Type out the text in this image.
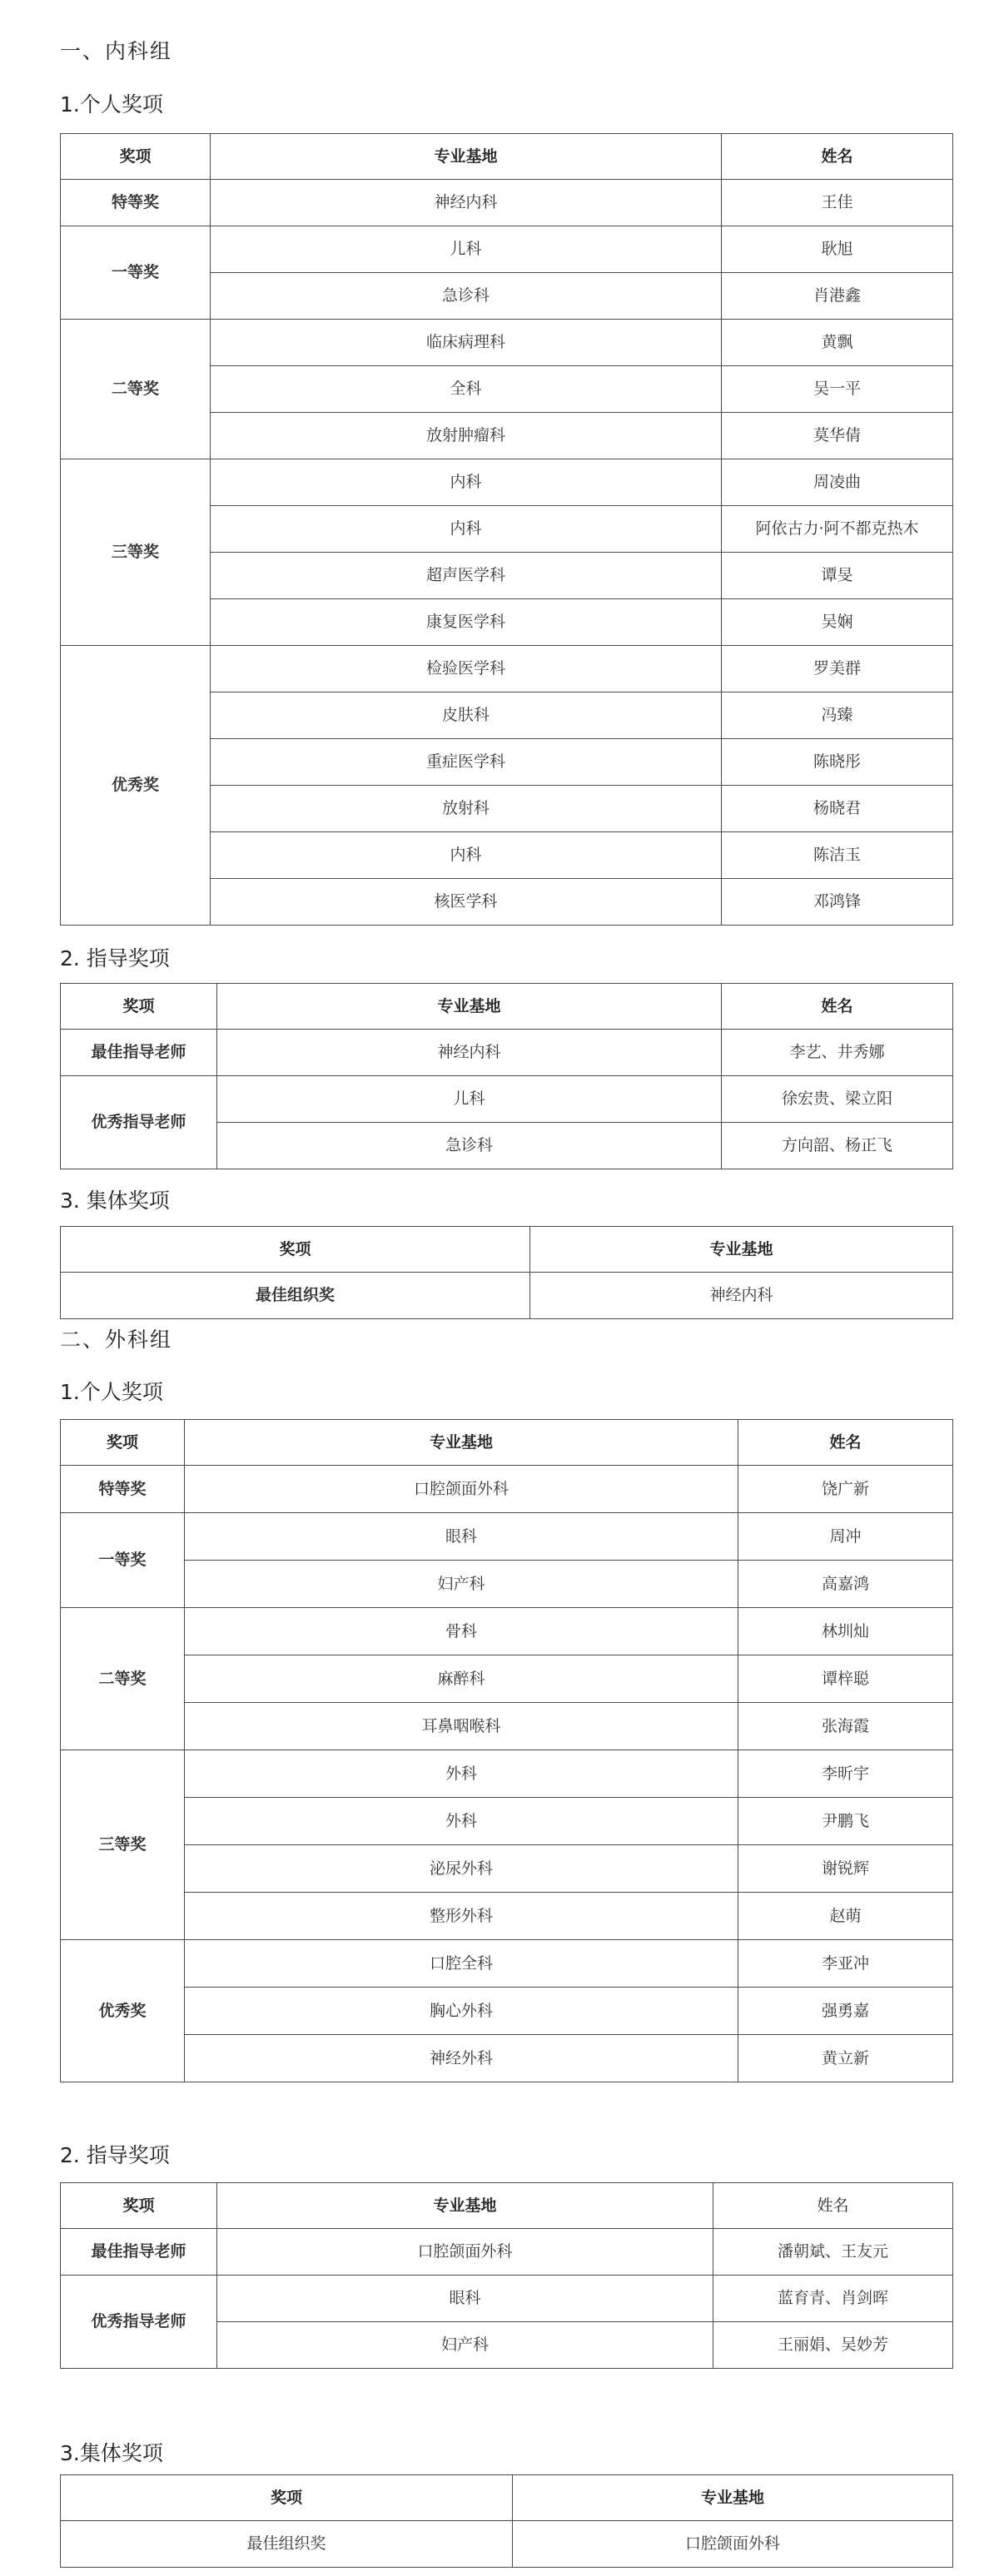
一、内科组
1.个人奖项
奖项	专业基地	姓名
特等奖	神经内科	王佳
一等奖	儿科	耿旭
	急诊科	肖港鑫
二等奖	临床病理科	黄飘
	全科	吴一平
	放射肿瘤科	莫华倩
三等奖	内科	周凌曲
	内科	阿依古力·阿不都克热木
	超声医学科	谭旻
	康复医学科	吴娴
优秀奖	检验医学科	罗美群
	皮肤科	冯臻
	重症医学科	陈晓彤
	放射科	杨晓君
	内科	陈洁玉
	核医学科	邓鸿锋
2. 指导奖项
奖项	专业基地	姓名
最佳指导老师	神经内科	李艺、井秀娜
优秀指导老师	儿科	徐宏贵、梁立阳
	急诊科	方向韶、杨正飞
3. 集体奖项
奖项	专业基地
最佳组织奖	神经内科
二、外科组
1.个人奖项
奖项	专业基地	姓名
特等奖	口腔颌面外科	饶广新
一等奖	眼科	周冲
	妇产科	高嘉鸿
二等奖	骨科	林圳灿
	麻醉科	谭梓聪
	耳鼻咽喉科	张海霞
三等奖	外科	李昕宇
	外科	尹鹏飞
	泌尿外科	谢锐辉
	整形外科	赵萌
优秀奖	口腔全科	李亚冲
	胸心外科	强勇嘉
	神经外科	黄立新
2. 指导奖项
奖项	专业基地	姓名
最佳指导老师	口腔颌面外科	潘朝斌、王友元
优秀指导老师	眼科	蓝育青、肖剑晖
	妇产科	王丽娟、吴妙芳
3.集体奖项
奖项	专业基地
最佳组织奖	口腔颌面外科
